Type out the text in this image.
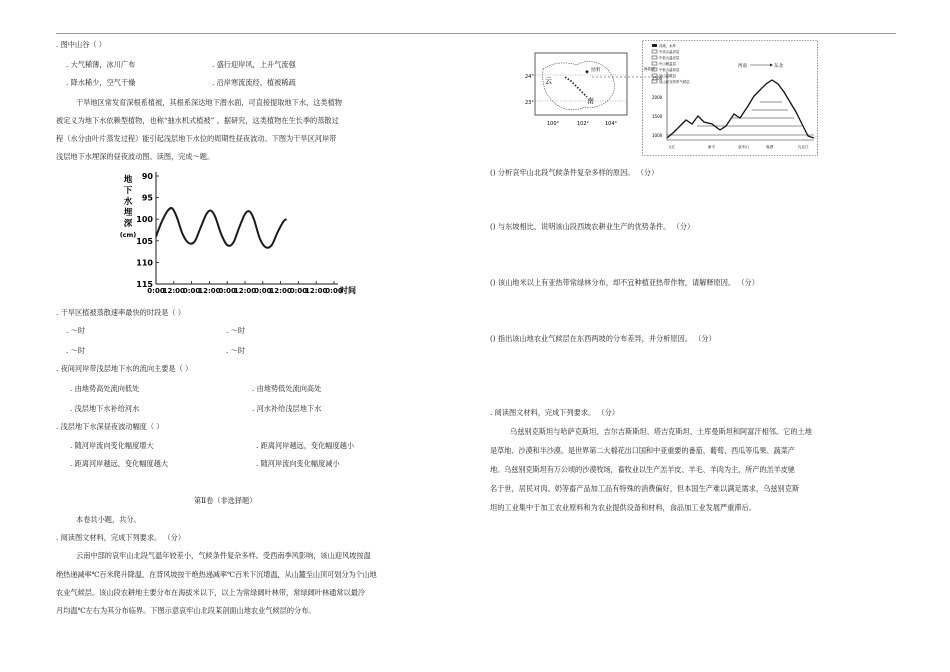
. 图中山谷（ ）
. 大气稀薄，冰川广布	. 盛行迎岸风，上升气流强
. 降水稀少，空气干燥	. 沿岸寒流流经，植被稀疏
干旱地区常发育深根系植被，其根系深达地下潜水面，可直接提取地下水，这类植物
被定义为地下水依赖型植物，也称“抽水机式植被” 。据研究，这类植物在生长季的蒸散过
程（水分由叶片蒸发过程）能引起浅层地下水位的周期性昼夜波动。下图为干旱区河岸带
浅层地下水埋深的昼夜波动图。读图，完成～题。
地
下
水
埋
深
(cm)
90
95
100
105
110
115
0:00
12:00
0:00
12:00
0:00
12:00
0:00
12:00
0:00
12:00
0:00
时间
. 干旱区植被蒸散速率最快的时段是（ ）
. ～时	. ～时
. ～时	. ～时
. 夜间河岸带浅层地下水的流向主要是（ ）
. 由地势高处流向低处	. 由地势低处流向高处
. 浅层地下水补给河水	. 河水补给浅层地下水
. 浅层地下水深昼夜波动幅度（ ）
. 随河岸流向变化幅度增大	. 距离河岸越远，变化幅度越小
. 距离河岸越远，变化幅度越大	. 随河岸流向变化幅度减小
第Ⅱ卷（非选择题）
本卷共小题，共分。
. 阅读图文材料，完成下列要求。 （分）
云南中部的哀牢山北段气温年较差小，气候条件复杂多样。受西南季风影响，该山迎风坡按温
绝热递减率℃百米爬升降温，在背风坡按干绝热递减率℃百米下沉增温，从山麓至山顶可划分为个山地
农业气候层。该山段农耕地主要分布在海拔米以下，以上为常绿阔叶林带，常绿阔叶林通常以最冷
月均温℃左右为其分布临界。下图示意哀牢山北段某剖面山地农业气候层的分布。
云
南
昆明
◉
24°
23°
100°	102°	104°
河流、水库
中高山温凉层
中低山温凉层
中山暖温层
中低山温和层
低山温暖层
低山河谷热带气候层
西南	东北
2500
2000
1500
1000
元江	新平	哀牢山	戛洒	礼社江
海拔/米
() 分析哀牢山北段气候条件复杂多样的原因。 （分）
() 与东坡相比，说明该山段西坡农耕业生产的优势条件。 （分）
() 该山地米以上有亚热带常绿林分布，却不宜种植亚热带作物，请解释原因。 （分）
() 指出该山地农业气候层在东西两坡的分布差异，并分析原因。 （分）
. 阅读图文材料，完成下列要求。 （分）
乌兹别克斯坦与哈萨克斯坦、吉尔吉斯斯坦、塔吉克斯坦、土库曼斯坦和阿富汗相邻。它的土地
是草地、沙漠和半沙漠。是世界第二大棉花出口国和中亚重要的番茄、葡萄、西瓜等瓜果、蔬菜产
地。乌兹别克斯坦有万公顷的沙漠牧场，畜牧业以生产羔羊皮、羊毛、羊肉为主，所产的羔羊皮驰
名于世，居民对肉、奶等畜产品加工品有特殊的消费偏好，但本国生产难以满足需求，乌兹别克斯
坦的工业集中于加工农业原料和为农业提供设备和材料，食品加工业发展严重滞后。
